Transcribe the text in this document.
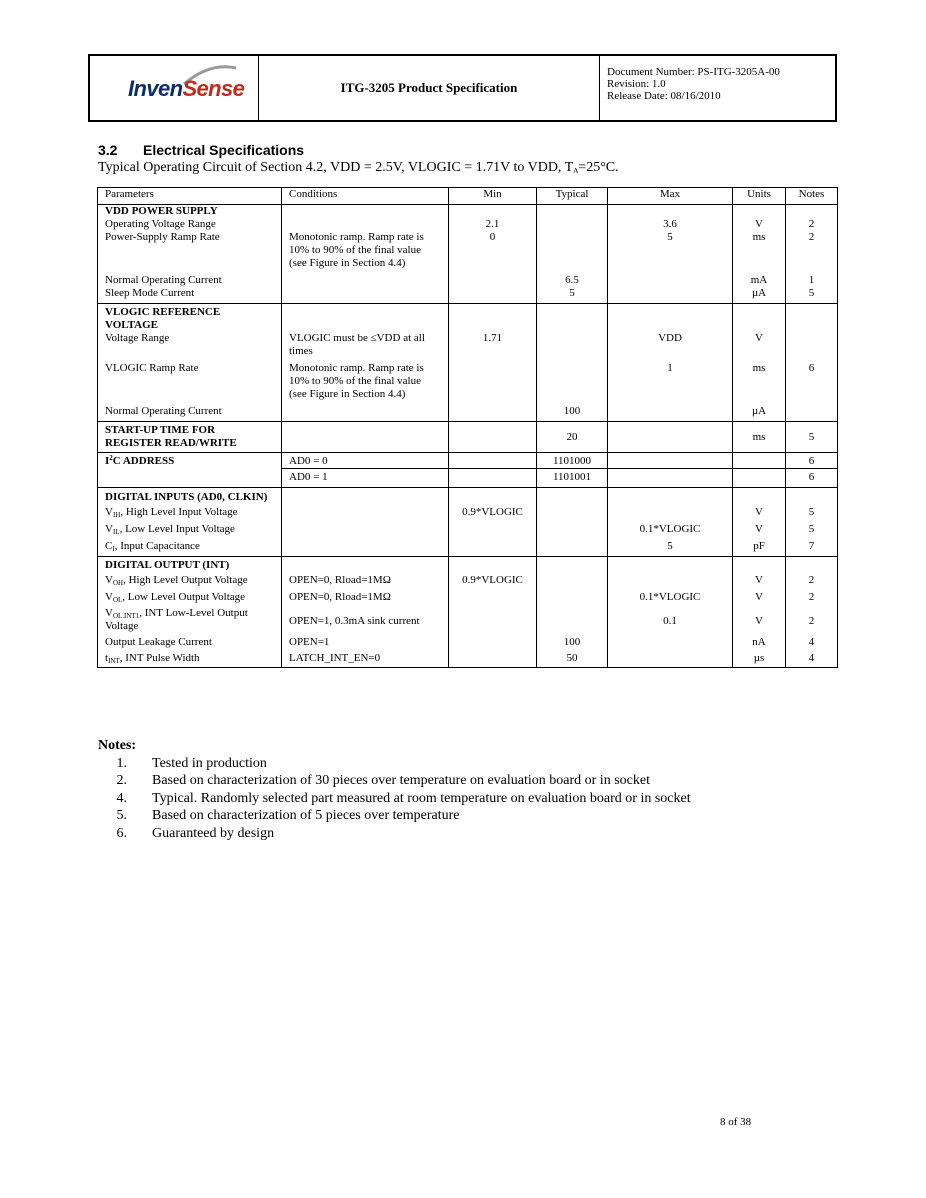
InvenSense	ITG-3205 Product Specification
Document Number: PS-ITG-3205A-00
Revision: 1.0
Release Date: 08/16/2010
3.2 Electrical Specifications
Typical Operating Circuit of Section 4.2, VDD = 2.5V, VLOGIC = 1.71V to VDD, $T_A=25^\circ C$.
Parameters	Conditions	Min	Typical	Max	Units	Notes
VDD POWER SUPPLY						
Operating Voltage Range		2.1		3.6	V	2
Power-Supply Ramp Rate	Monotonic ramp. Ramp rate is 10% to 90% of the final value (see Figure in Section 4.4)	0		5	ms	2
Normal Operating Current			6.5		mA	1
Sleep Mode Current			5		µA	5
VLOGIC REFERENCE VOLTAGE						
Voltage Range	VLOGIC must be ≤VDD at all times	1.71		VDD	V	
VLOGIC Ramp Rate	Monotonic ramp. Ramp rate is 10% to 90% of the final value (see Figure in Section 4.4)			1	ms	6
Normal Operating Current			100		µA	
START-UP TIME FOR REGISTER READ/WRITE			20		ms	5
$I^2C$ ADDRESS	AD0 = 0		1101000			6
	AD0 = 1		1101001			6
DIGITAL INPUTS (AD0, CLKIN)						
$V_{IH}$, High Level Input Voltage		0.9*VLOGIC			V	5
$V_{IL}$, Low Level Input Voltage				0.1*VLOGIC	V	5
$C_I$, Input Capacitance				5	pF	7
DIGITAL OUTPUT (INT)						
$V_{OH}$, High Level Output Voltage	OPEN=0, Rload=1MΩ	0.9*VLOGIC			V	2
$V_{OL}$, Low Level Output Voltage	OPEN=0, Rload=1MΩ			0.1*VLOGIC	V	2
$V_{OL.INT1}$, INT Low-Level Output Voltage	OPEN=1, 0.3mA sink current			0.1	V	2
Output Leakage Current	OPEN=1		100		nA	4
$t_{INT}$, INT Pulse Width	LATCH_INT_EN=0		50		µs	4
Notes:
1. Tested in production
2. Based on characterization of 30 pieces over temperature on evaluation board or in socket
4. Typical. Randomly selected part measured at room temperature on evaluation board or in socket
5. Based on characterization of 5 pieces over temperature
6. Guaranteed by design
8 of 38
